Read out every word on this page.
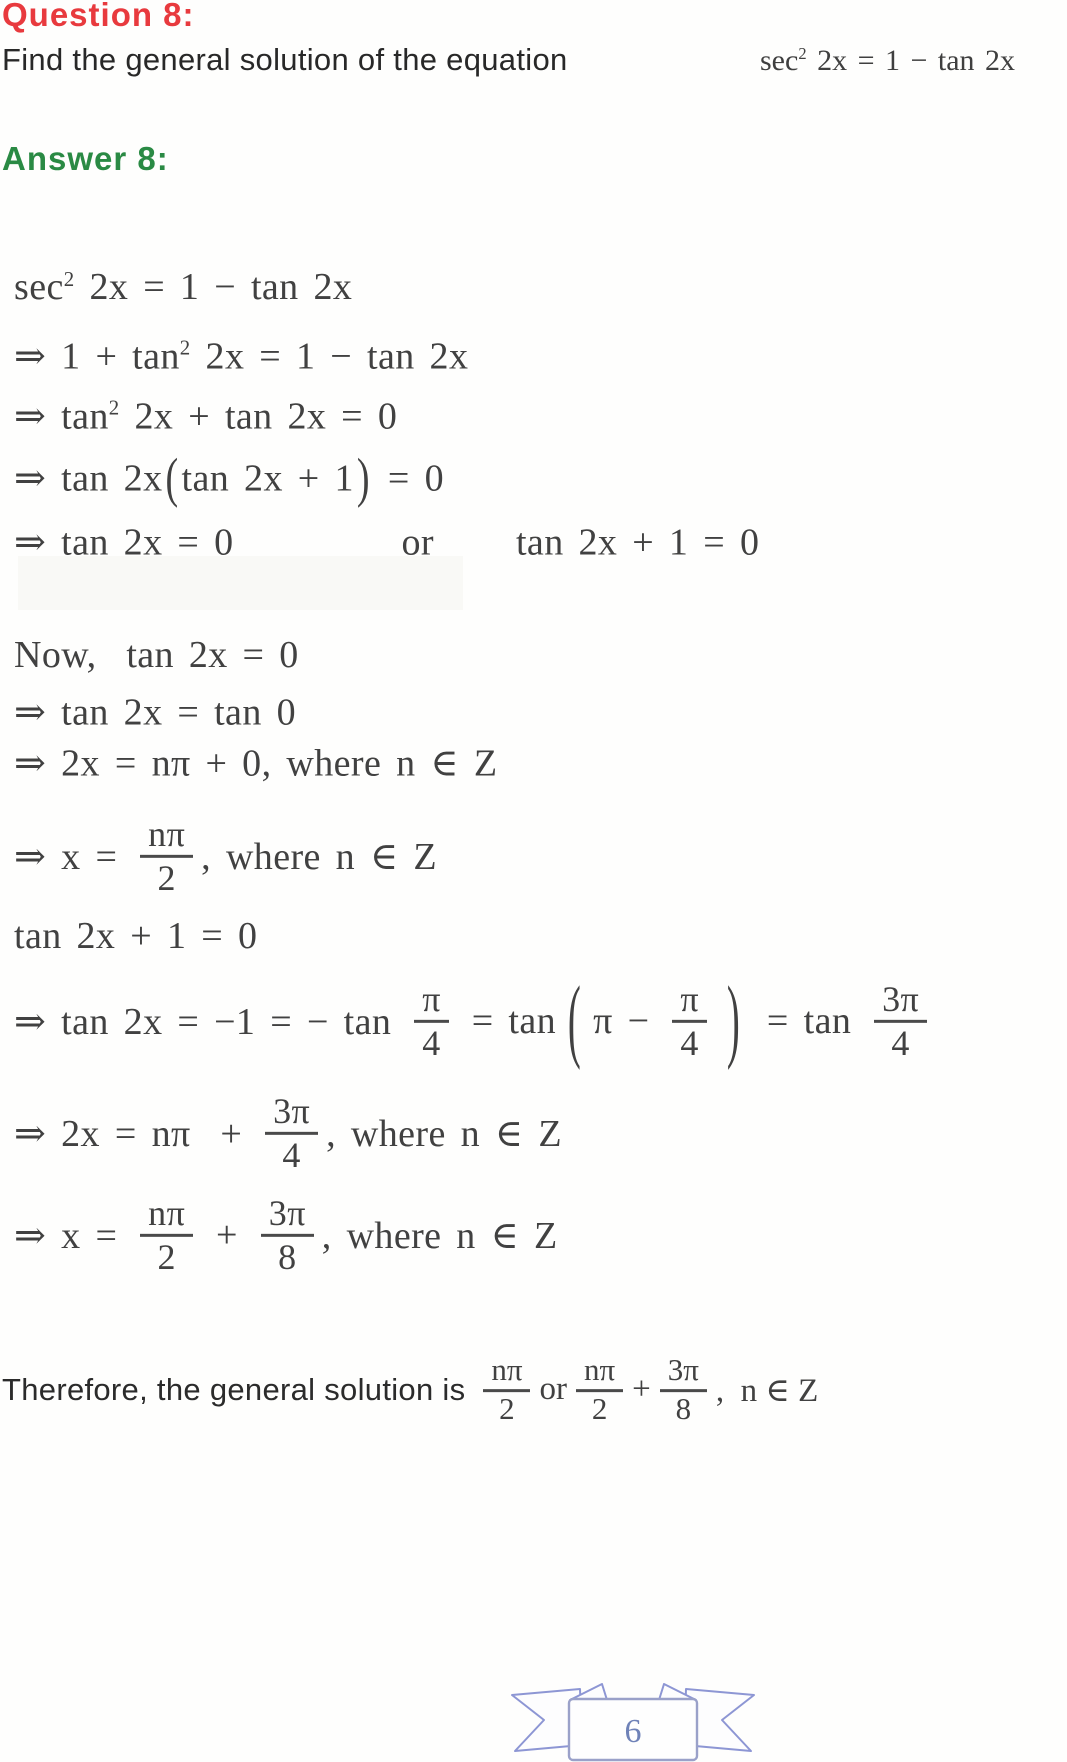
Question 8:
Find the general solution of the equation	$\sec^2 2x = 1 - \tan 2x$
Answer 8:
sec 2 2x = 1 − tan 2x
⇒ 1 + tan 2 2x = 1 − tan 2x
⇒ tan 2 2x + tan 2x = 0
⇒ tan 2x ( tan 2x + 1 ) = 0
⇒ tan 2x = 0	or tan 2x + 1 = 0
Now,  tan 2x = 0
⇒ tan 2x = tan 0
⇒ 2x = nπ + 0, where n ∈ Z
⇒ $x = \frac{n\pi}{2}$ , where n ∈ Z
tan 2x + 1 = 0
⇒ tan 2x = −1 = − $\tan \frac{\pi}{4} = \tan$ ( $\pi - \frac{\pi}{4}$ ) = $\tan \frac{3\pi}{4}$
⇒ $2x = n\pi + \frac{3\pi}{4}$ , where n ∈ Z
⇒ $x = \frac{n\pi}{2} + \frac{3\pi}{8}$ , where n ∈ Z
Therefore, the general solution is $\frac{n\pi}{2}$ or $\frac{n\pi}{2} + \frac{3\pi}{8}$ ,  n ∈ Z
6
